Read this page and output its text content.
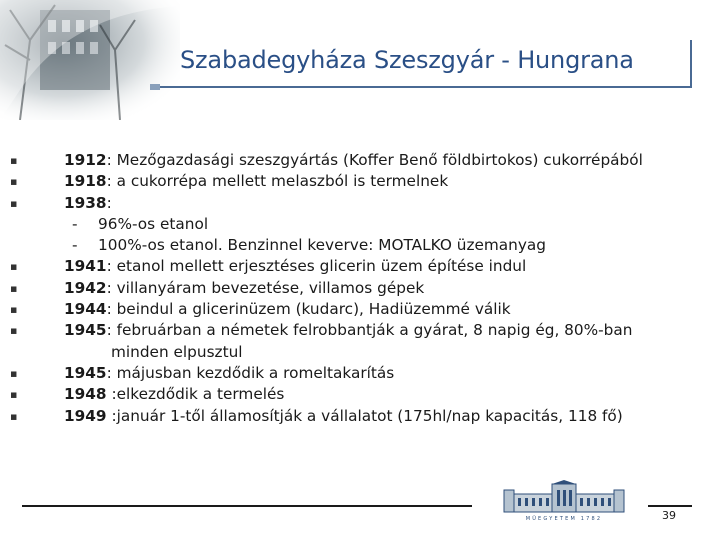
Szabadegyháza Szeszgyár - Hungrana
▪	1912: Mezőgazdasági szeszgyártás (Koffer Benő földbirtokos) cukorrépából
▪	1918: a cukorrépa mellett melaszból is termelnek
▪	1938:
- 96%-os etanol
- 100%-os etanol. Benzinnel keverve: MOTALKO üzemanyag
▪	1941: etanol mellett erjesztéses glicerin üzem építése indul
▪	1942: villanyáram bevezetése, villamos gépek
▪	1944: beindul a glicerinüzem (kudarc), Hadiüzemmé válik
▪	1945: februárban a németek felrobbantják a gyárat, 8 napig ég, 80%-ban
minden elpusztul
▪	1945: májusban kezdődik a romeltakarítás
▪	1948 :elkezdődik a termelés
▪	1949 :január 1-től államosítják a vállalatot (175hl/nap kapacitás, 118 fő)
MŰEGYETEM 1782	39
